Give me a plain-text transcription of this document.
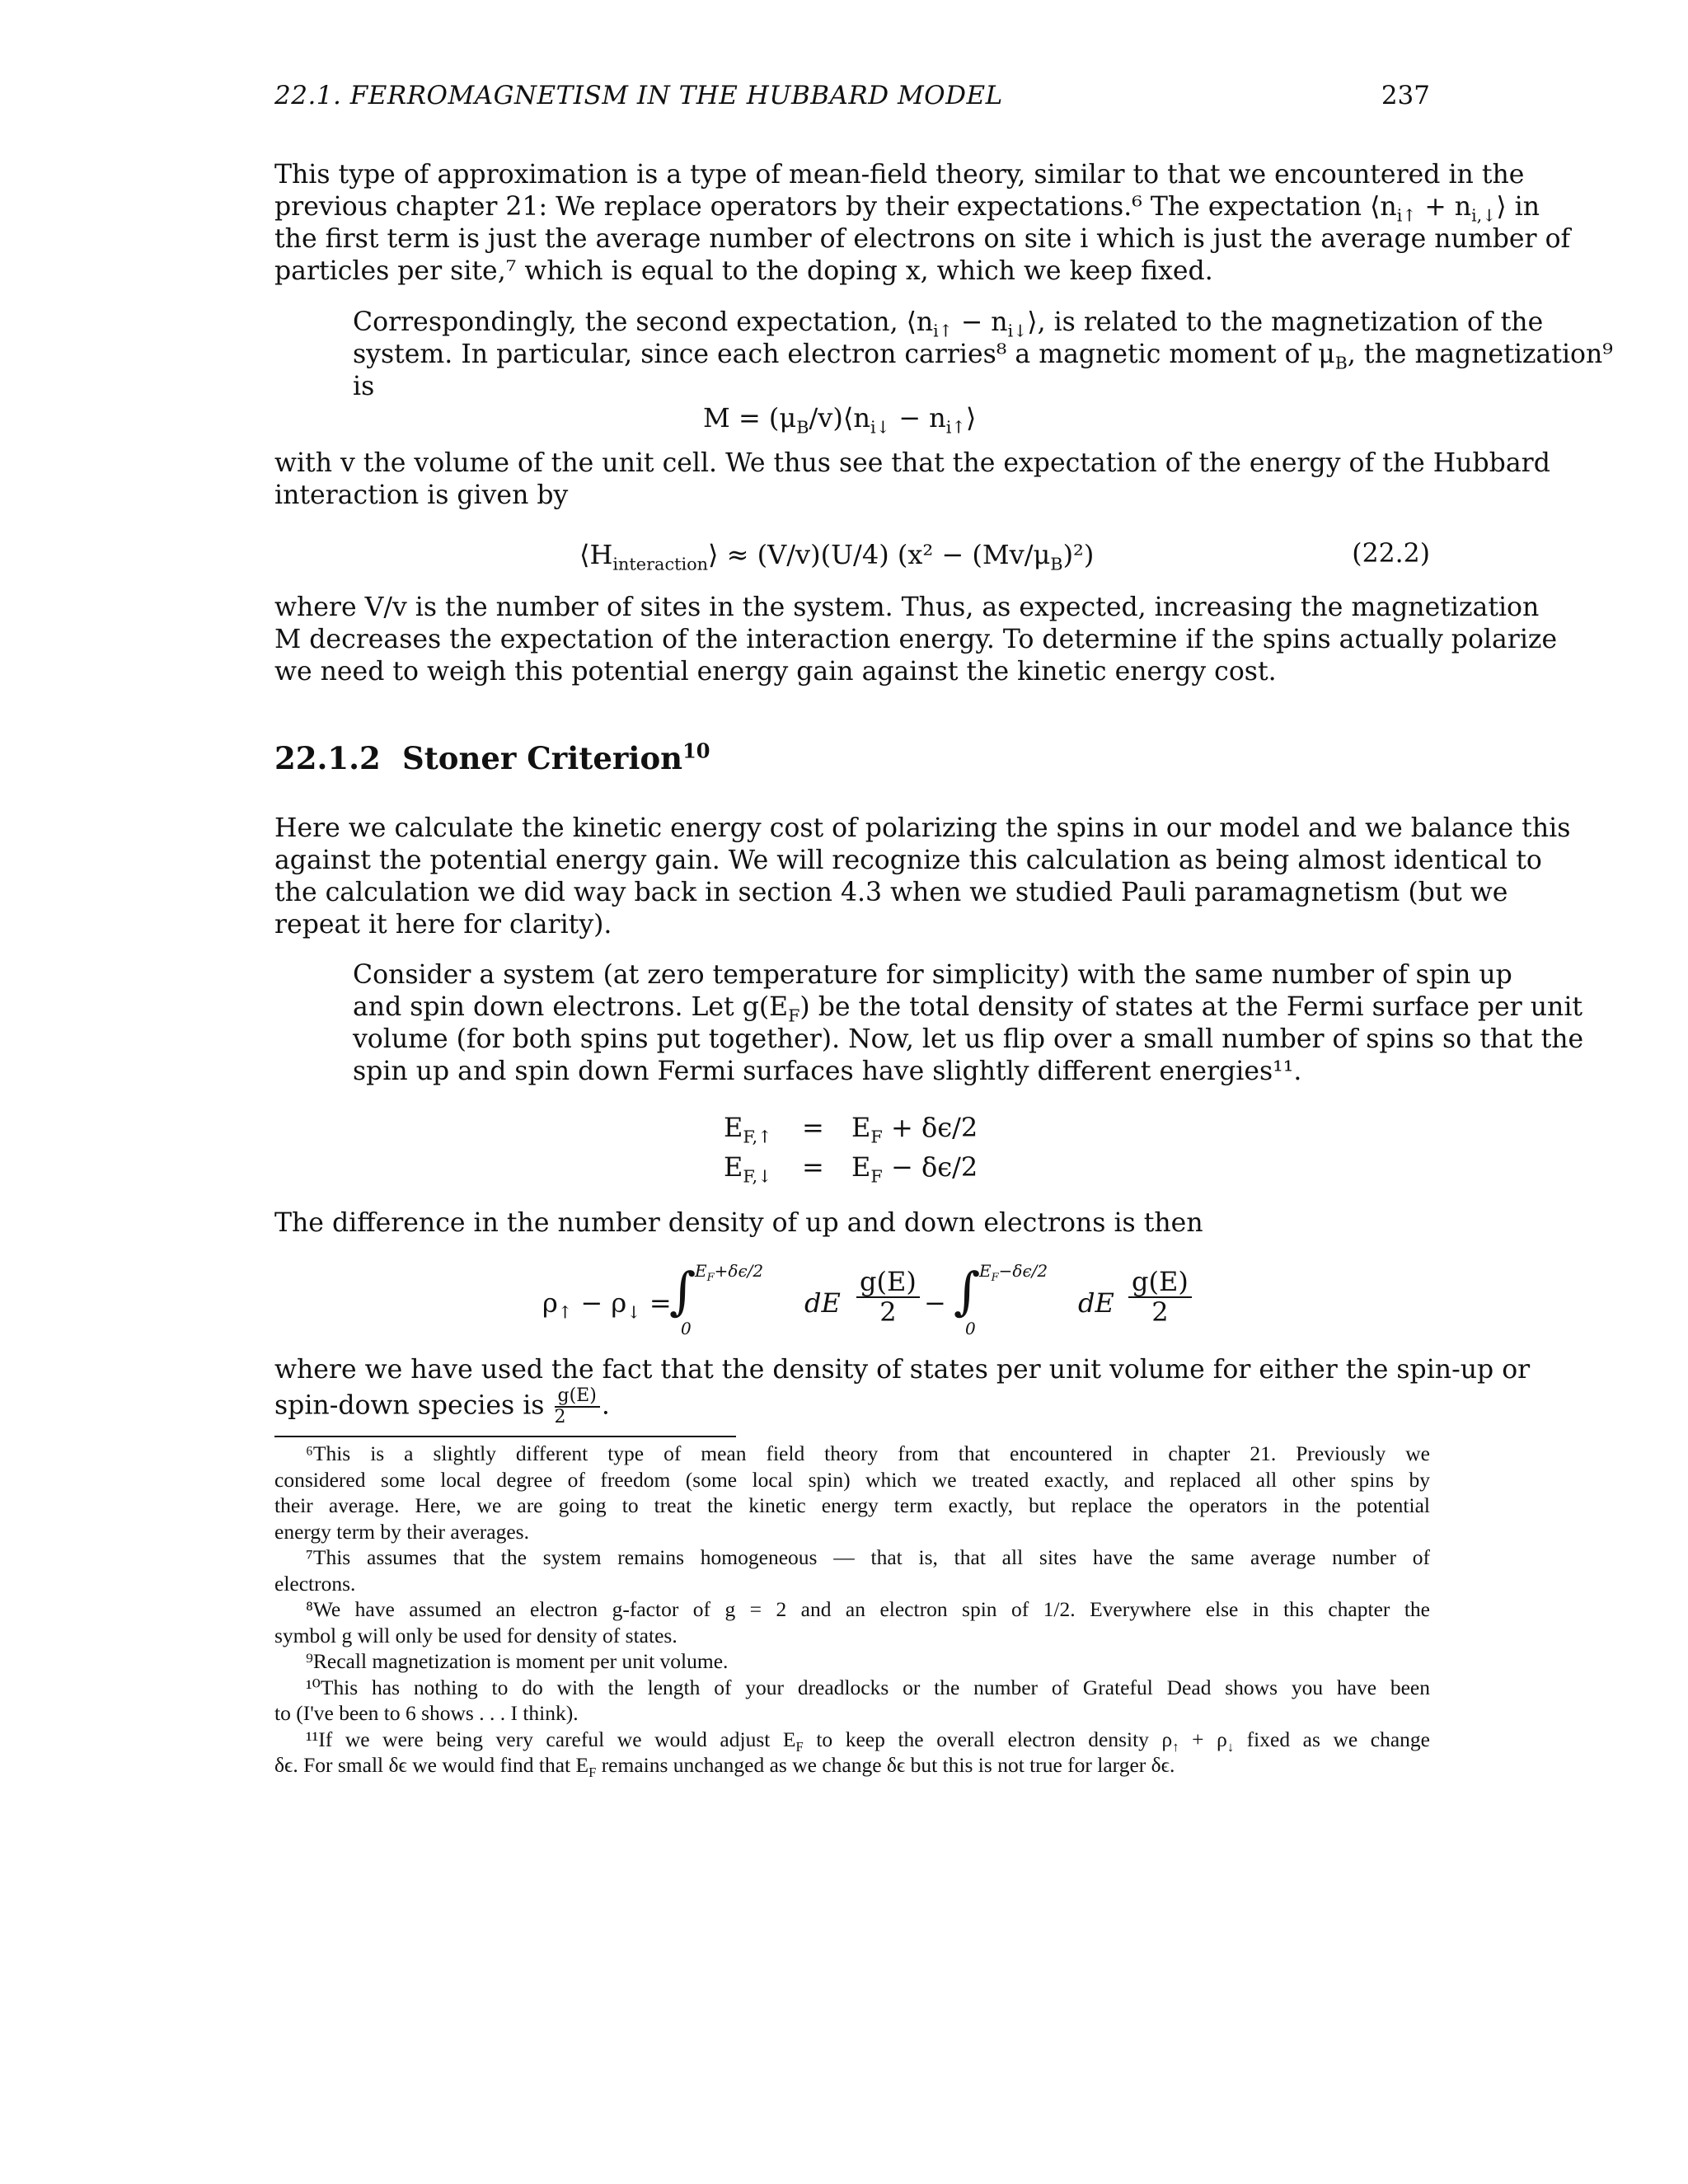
22.1. FERROMAGNETISM IN THE HUBBARD MODEL	237
This type of approximation is a type of mean-field theory, similar to that we encountered in the
previous chapter 21: We replace operators by their expectations.⁶ The expectation $⟨n_{i↑}$ + $n_{i,↓}⟩$ in
the first term is just the average number of electrons on site i which is just the average number of
particles per site,⁷ which is equal to the doping x, which we keep fixed.
Correspondingly, the second expectation, $⟨n_{i↑}$ − $n_{i↓}⟩$, is related to the magnetization of the
system. In particular, since each electron carries⁸ a magnetic moment of $\mu_B$, the magnetization⁹
is
$M = (\mu_B/v)⟨n_{i↓}$ − $n_{i↑}⟩$
with v the volume of the unit cell. We thus see that the expectation of the energy of the Hubbard
interaction is given by
$⟨H_{interaction}⟩ \approx (V/v)(U/4) (x^2 - (Mv/\mu_B)^2)$	(22.2)
where V/v is the number of sites in the system. Thus, as expected, increasing the magnetization
M decreases the expectation of the interaction energy. To determine if the spins actually polarize
we need to weigh this potential energy gain against the kinetic energy cost.
22.1.2 Stoner Criterion$^{10}$
Here we calculate the kinetic energy cost of polarizing the spins in our model and we balance this
against the potential energy gain. We will recognize this calculation as being almost identical to
the calculation we did way back in section 4.3 when we studied Pauli paramagnetism (but we
repeat it here for clarity).
Consider a system (at zero temperature for simplicity) with the same number of spin up
and spin down electrons. Let $g(E_F)$ be the total density of states at the Fermi surface per unit
volume (for both spins put together). Now, let us flip over a small number of spins so that the
spin up and spin down Fermi surfaces have slightly different energies¹¹.
$E_{F,↑} = E_F + \delta\epsilon/2$
$E_{F,↓} = E_F - \delta\epsilon/2$
The difference in the number density of up and down electrons is then
$\rho_↑ - \rho_↓$ =
∫
$E_F+\delta\epsilon/2$
0
dE $\frac{g(E)}{2}$ − ∫
$E_F-\delta\epsilon/2$
0
dE $\frac{g(E)}{2}$
where we have used the fact that the density of states per unit volume for either the spin-up or
spin-down species is $\frac{g(E)}{2}$ .
⁶This is a slightly different type of mean field theory from that encountered in chapter 21. Previously we
considered some local degree of freedom (some local spin) which we treated exactly, and replaced all other spins by
their average. Here, we are going to treat the kinetic energy term exactly, but replace the operators in the potential
energy term by their averages.
⁷This assumes that the system remains homogeneous — that is, that all sites have the same average number of
electrons.
⁸We have assumed an electron g-factor of g = 2 and an electron spin of 1/2. Everywhere else in this chapter the
symbol g will only be used for density of states.
⁹Recall magnetization is moment per unit volume.
¹⁰This has nothing to do with the length of your dreadlocks or the number of Grateful Dead shows you have been
to (I've been to 6 shows . . . I think).
¹¹If we were being very careful we would adjust $E_F$ to keep the overall electron density $\rho_↑ + \rho_↓$ fixed as we change
δϵ. For small δϵ we would find that $E_F$ remains unchanged as we change δϵ but this is not true for larger δϵ.
